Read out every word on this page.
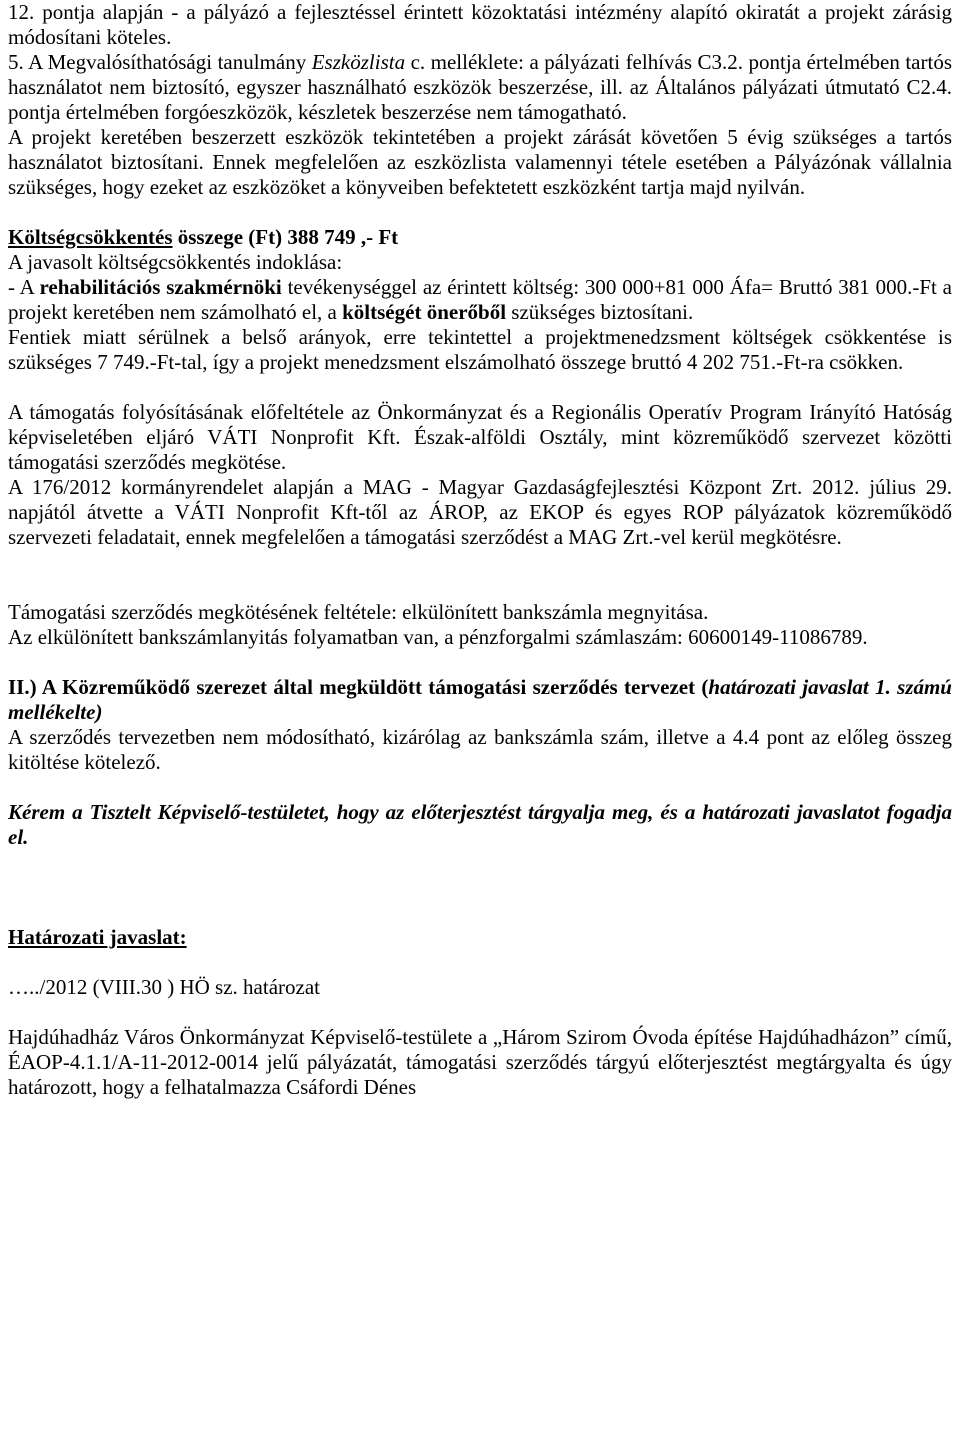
12. pontja alapján - a pályázó a fejlesztéssel érintett közoktatási intézmény alapító okiratát a projekt zárásig módosítani köteles.

5. A Megvalósíthatósági tanulmány Eszközlista c. melléklete: a pályázati felhívás C3.2. pontja értelmében tartós használatot nem biztosító, egyszer használható eszközök beszerzése, ill. az Általános pályázati útmutató C2.4. pontja értelmében forgóeszközök, készletek beszerzése nem támogatható.

A projekt keretében beszerzett eszközök tekintetében a projekt zárását követően 5 évig szükséges a tartós használatot biztosítani. Ennek megfelelően az eszközlista valamennyi tétele esetében a Pályázónak vállalnia szükséges, hogy ezeket az eszközöket a könyveiben befektetett eszközként tartja majd nyilván.

Költségcsökkentés összege (Ft) 388 749 ,- Ft

A javasolt költségcsökkentés indoklása:

- A rehabilitációs szakmérnöki tevékenységgel az érintett költség: 300 000+81 000 Áfa= Bruttó 381 000.-Ft a projekt keretében nem számolható el, a költségét önerőből szükséges biztosítani.

Fentiek miatt sérülnek a belső arányok, erre tekintettel a projektmenedzsment költségek csökkentése is szükséges 7 749.-Ft-tal, így a projekt menedzsment elszámolható összege bruttó 4 202 751.-Ft-ra csökken.

A támogatás folyósításának előfeltétele az Önkormányzat és a Regionális Operatív Program Irányító Hatóság képviseletében eljáró VÁTI Nonprofit Kft. Észak-alföldi Osztály, mint közreműködő szervezet közötti támogatási szerződés megkötése.

A 176/2012 kormányrendelet alapján a MAG - Magyar Gazdaságfejlesztési Központ Zrt. 2012. július 29. napjától átvette a VÁTI Nonprofit Kft-től az ÁROP, az EKOP és egyes ROP pályázatok közreműködő szervezeti feladatait, ennek megfelelően a támogatási szerződést a MAG Zrt.-vel kerül megkötésre.

Támogatási szerződés megkötésének feltétele: elkülönített bankszámla megnyitása.

Az elkülönített bankszámlanyitás folyamatban van, a pénzforgalmi számlaszám: 60600149-11086789.

II.) A Közreműködő szerezet által megküldött támogatási szerződés tervezet (határozati javaslat 1. számú mellékelte)

A szerződés tervezetben nem módosítható, kizárólag az bankszámla szám, illetve a 4.4 pont az előleg összeg kitöltése kötelező.

Kérem a Tisztelt Képviselő-testületet, hogy az előterjesztést tárgyalja meg, és a határozati javaslatot fogadja el.

Határozati javaslat:

…../2012 (VIII.30 ) HÖ sz. határozat

Hajdúhadház Város Önkormányzat Képviselő-testülete a „Három Szirom Óvoda építése Hajdúhadházon” című, ÉAOP-4.1.1/A-11-2012-0014 jelű pályázatát, támogatási szerződés tárgyú előterjesztést megtárgyalta és úgy határozott, hogy a felhatalmazza Csáfordi Dénes
